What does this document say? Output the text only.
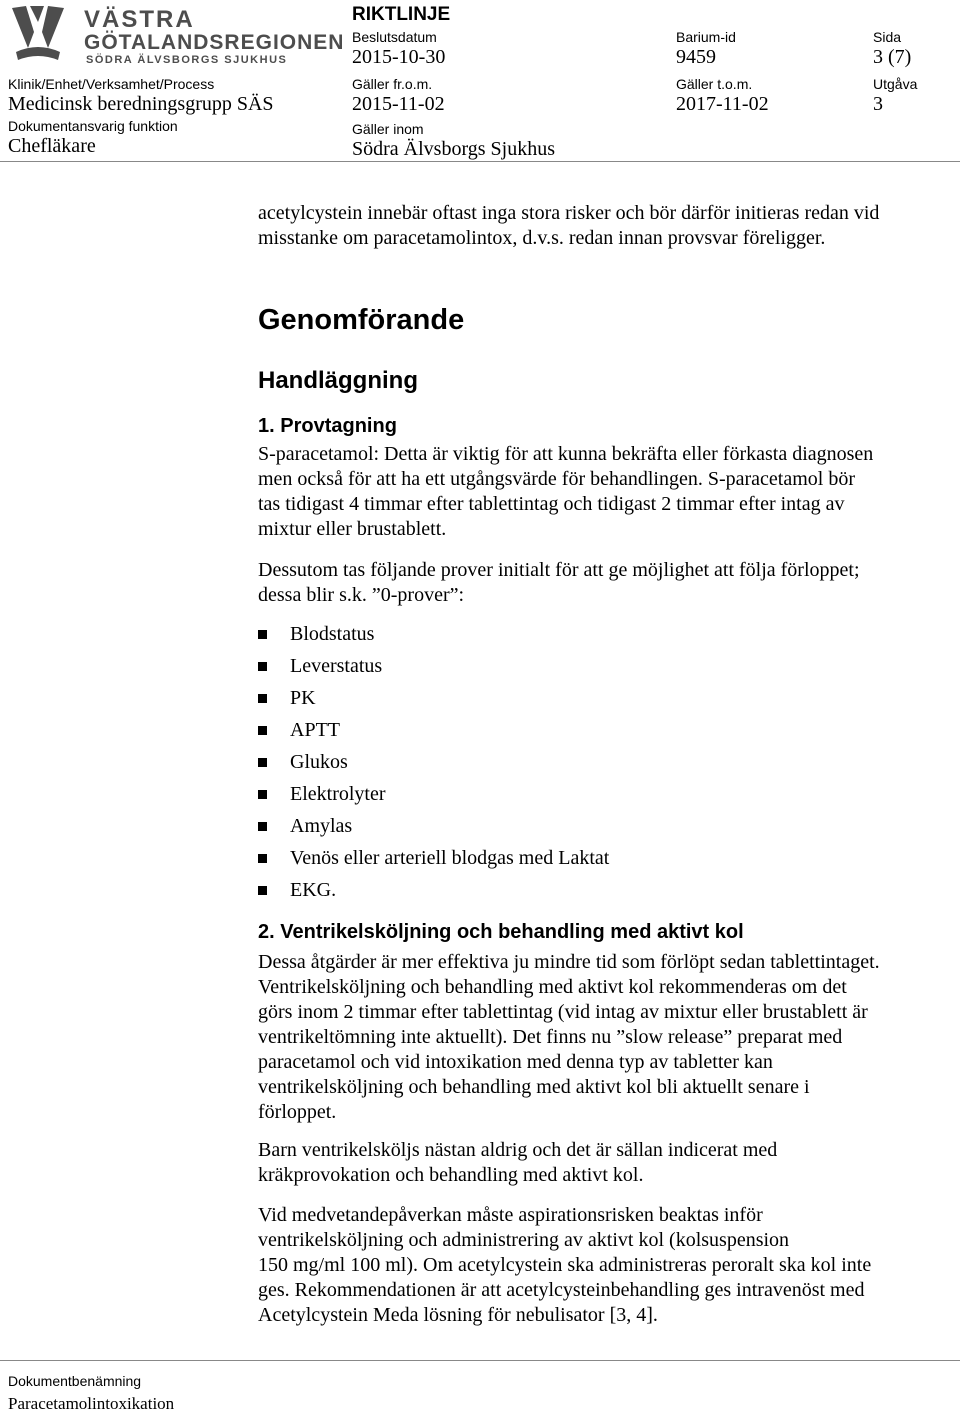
VÄSTRA
GÖTALANDSREGIONEN
SÖDRA ÄLVSBORGS SJUKHUS
RIKTLINJE
Beslutsdatum
2015-10-30
Barium-id
9459
Sida
3 (7)
Klinik/Enhet/Verksamhet/Process
Medicinsk beredningsgrupp SÄS
Gäller fr.o.m.
2015-11-02
Gäller t.o.m.
2017-11-02
Utgåva
3
Dokumentansvarig funktion
Chefläkare
Gäller inom
Södra Älvsborgs Sjukhus
acetylcystein innebär oftast inga stora risker och bör därför initieras redan vid
misstanke om paracetamolintox, d.v.s. redan innan provsvar föreligger.
Genomförande
Handläggning
1. Provtagning
S-paracetamol: Detta är viktig för att kunna bekräfta eller förkasta diagnosen
men också för att ha ett utgångsvärde för behandlingen. S-paracetamol bör
tas tidigast 4 timmar efter tablettintag och tidigast 2 timmar efter intag av
mixtur eller brustablett.
Dessutom tas följande prover initialt för att ge möjlighet att följa förloppet;
dessa blir s.k. ”0-prover”:
Blodstatus
Leverstatus
PK
APTT
Glukos
Elektrolyter
Amylas
Venös eller arteriell blodgas med Laktat
EKG.
2. Ventrikelsköljning och behandling med aktivt kol
Dessa åtgärder är mer effektiva ju mindre tid som förlöpt sedan tablettintaget.
Ventrikelsköljning och behandling med aktivt kol rekommenderas om det
görs inom 2 timmar efter tablettintag (vid intag av mixtur eller brustablett är
ventrikeltömning inte aktuellt). Det finns nu ”slow release” preparat med
paracetamol och vid intoxikation med denna typ av tabletter kan
ventrikelsköljning och behandling med aktivt kol bli aktuellt senare i
förloppet.
Barn ventrikelsköljs nästan aldrig och det är sällan indicerat med
kräkprovokation och behandling med aktivt kol.
Vid medvetandepåverkan måste aspirationsrisken beaktas inför
ventrikelsköljning och administrering av aktivt kol (kolsuspension
150 mg/ml 100 ml). Om acetylcystein ska administreras peroralt ska kol inte
ges. Rekommendationen är att acetylcysteinbehandling ges intravenöst med
Acetylcystein Meda lösning för nebulisator [3, 4].
Dokumentbenämning
Paracetamolintoxikation
